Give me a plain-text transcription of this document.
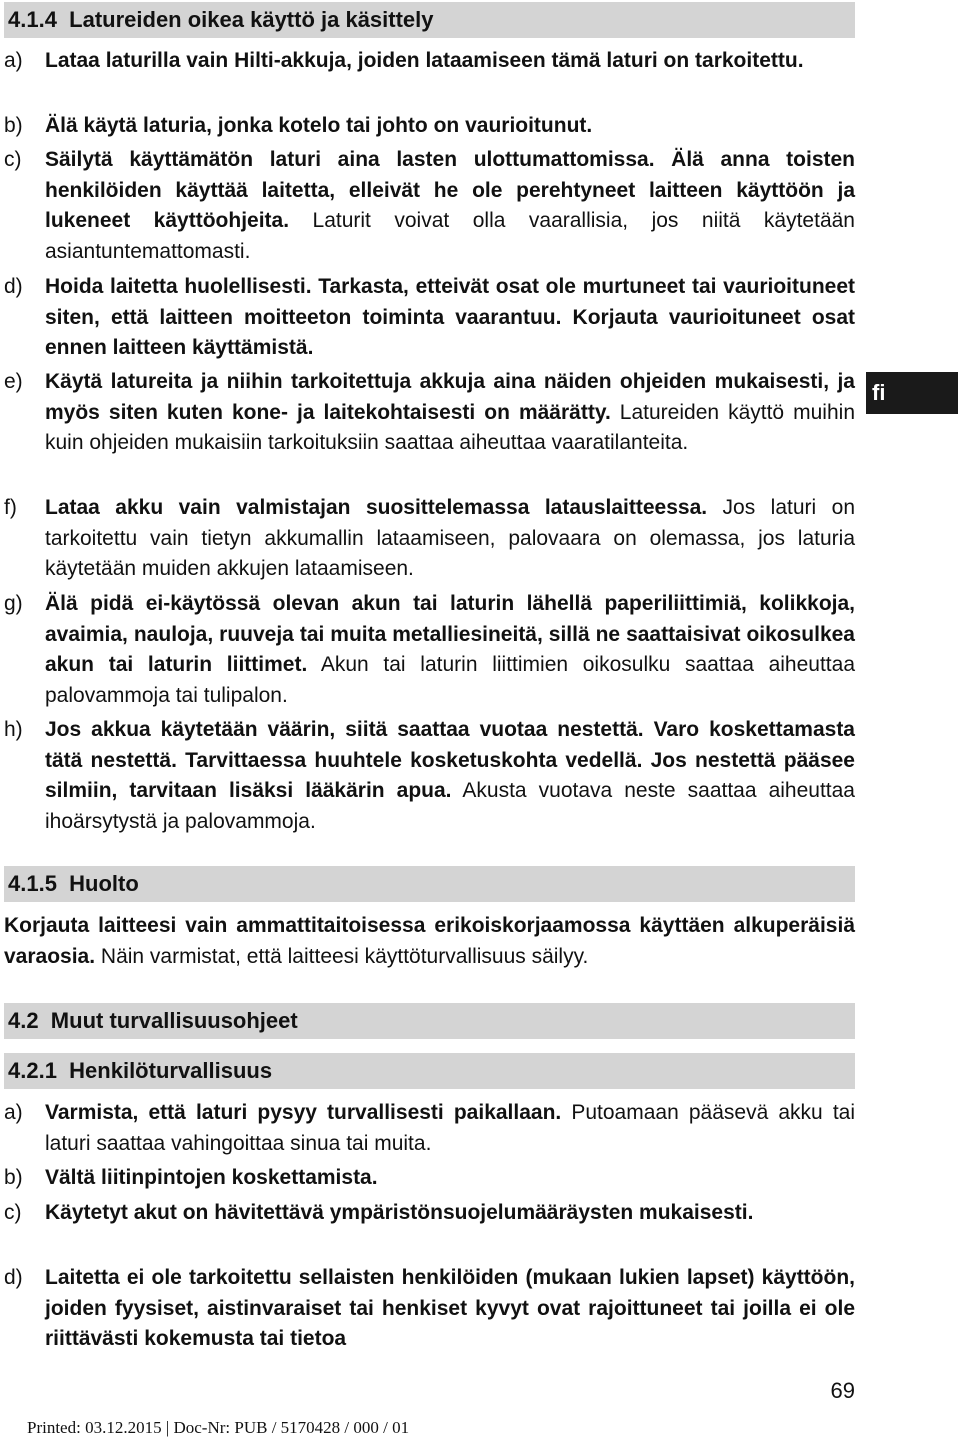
4.1.4  Latureiden oikea käyttö ja käsittely
a) Lataa laturilla vain Hilti-akkuja, joiden lataamiseen tämä laturi on tarkoitettu.
b) Älä käytä laturia, jonka kotelo tai johto on vaurioitunut.
c) Säilytä käyttämätön laturi aina lasten ulottumattomissa. Älä anna toisten henkilöiden käyttää laitetta, elleivät he ole perehtyneet laitteen käyttöön ja lukeneet käyttöohjeita. Laturit voivat olla vaarallisia, jos niitä käytetään asiantuntemattomasti.
d) Hoida laitetta huolellisesti. Tarkasta, etteivät osat ole murtuneet tai vaurioituneet siten, että laitteen moitteeton toiminta vaarantuu. Korjauta vaurioituneet osat ennen laitteen käyttämistä.
e) Käytä latureita ja niihin tarkoitettuja akkuja aina näiden ohjeiden mukaisesti, ja myös siten kuten kone- ja laitekohtaisesti on määrätty. Latureiden käyttö muihin kuin ohjeiden mukaisiin tarkoituksiin saattaa aiheuttaa vaaratilanteita.
f) Lataa akku vain valmistajan suosittelemassa latauslaitteessa. Jos laturi on tarkoitettu vain tietyn akkumallin lataamiseen, palovaara on olemassa, jos laturia käytetään muiden akkujen lataamiseen.
g) Älä pidä ei-käytössä olevan akun tai laturin lähellä paperiliittimiä, kolikkoja, avaimia, nauloja, ruuveja tai muita metalliesineitä, sillä ne saattaisivat oikosulkea akun tai laturin liittimet. Akun tai laturin liittimien oikosulku saattaa aiheuttaa palovammoja tai tulipalon.
h) Jos akkua käytetään väärin, siitä saattaa vuotaa nestettä. Varo koskettamasta tätä nestettä. Tarvittaessa huuhtele kosketuskohta vedellä. Jos nestettä pääsee silmiin, tarvitaan lisäksi lääkärin apua. Akusta vuotava neste saattaa aiheuttaa ihoärsytystä ja palovammoja.
4.1.5  Huolto
Korjauta laitteesi vain ammattitaitoisessa erikoiskorjaamossa käyttäen alkuperäisiä varaosia. Näin varmistat, että laitteesi käyttöturvallisuus säilyy.
4.2  Muut turvallisuusohjeet
4.2.1  Henkilöturvallisuus
a) Varmista, että laturi pysyy turvallisesti paikallaan. Putoamaan pääsevä akku tai laturi saattaa vahingoittaa sinua tai muita.
b) Vältä liitinpintojen koskettamista.
c) Käytetyt akut on hävitettävä ympäristönsuojelumääräysten mukaisesti.
d) Laitetta ei ole tarkoitettu sellaisten henkilöiden (mukaan lukien lapset) käyttöön, joiden fyysiset, aistinvaraiset tai henkiset kyvyt ovat rajoittuneet tai joilla ei ole riittävästi kokemusta tai tietoa
fi
69
Printed: 03.12.2015 | Doc-Nr: PUB / 5170428 / 000 / 01
